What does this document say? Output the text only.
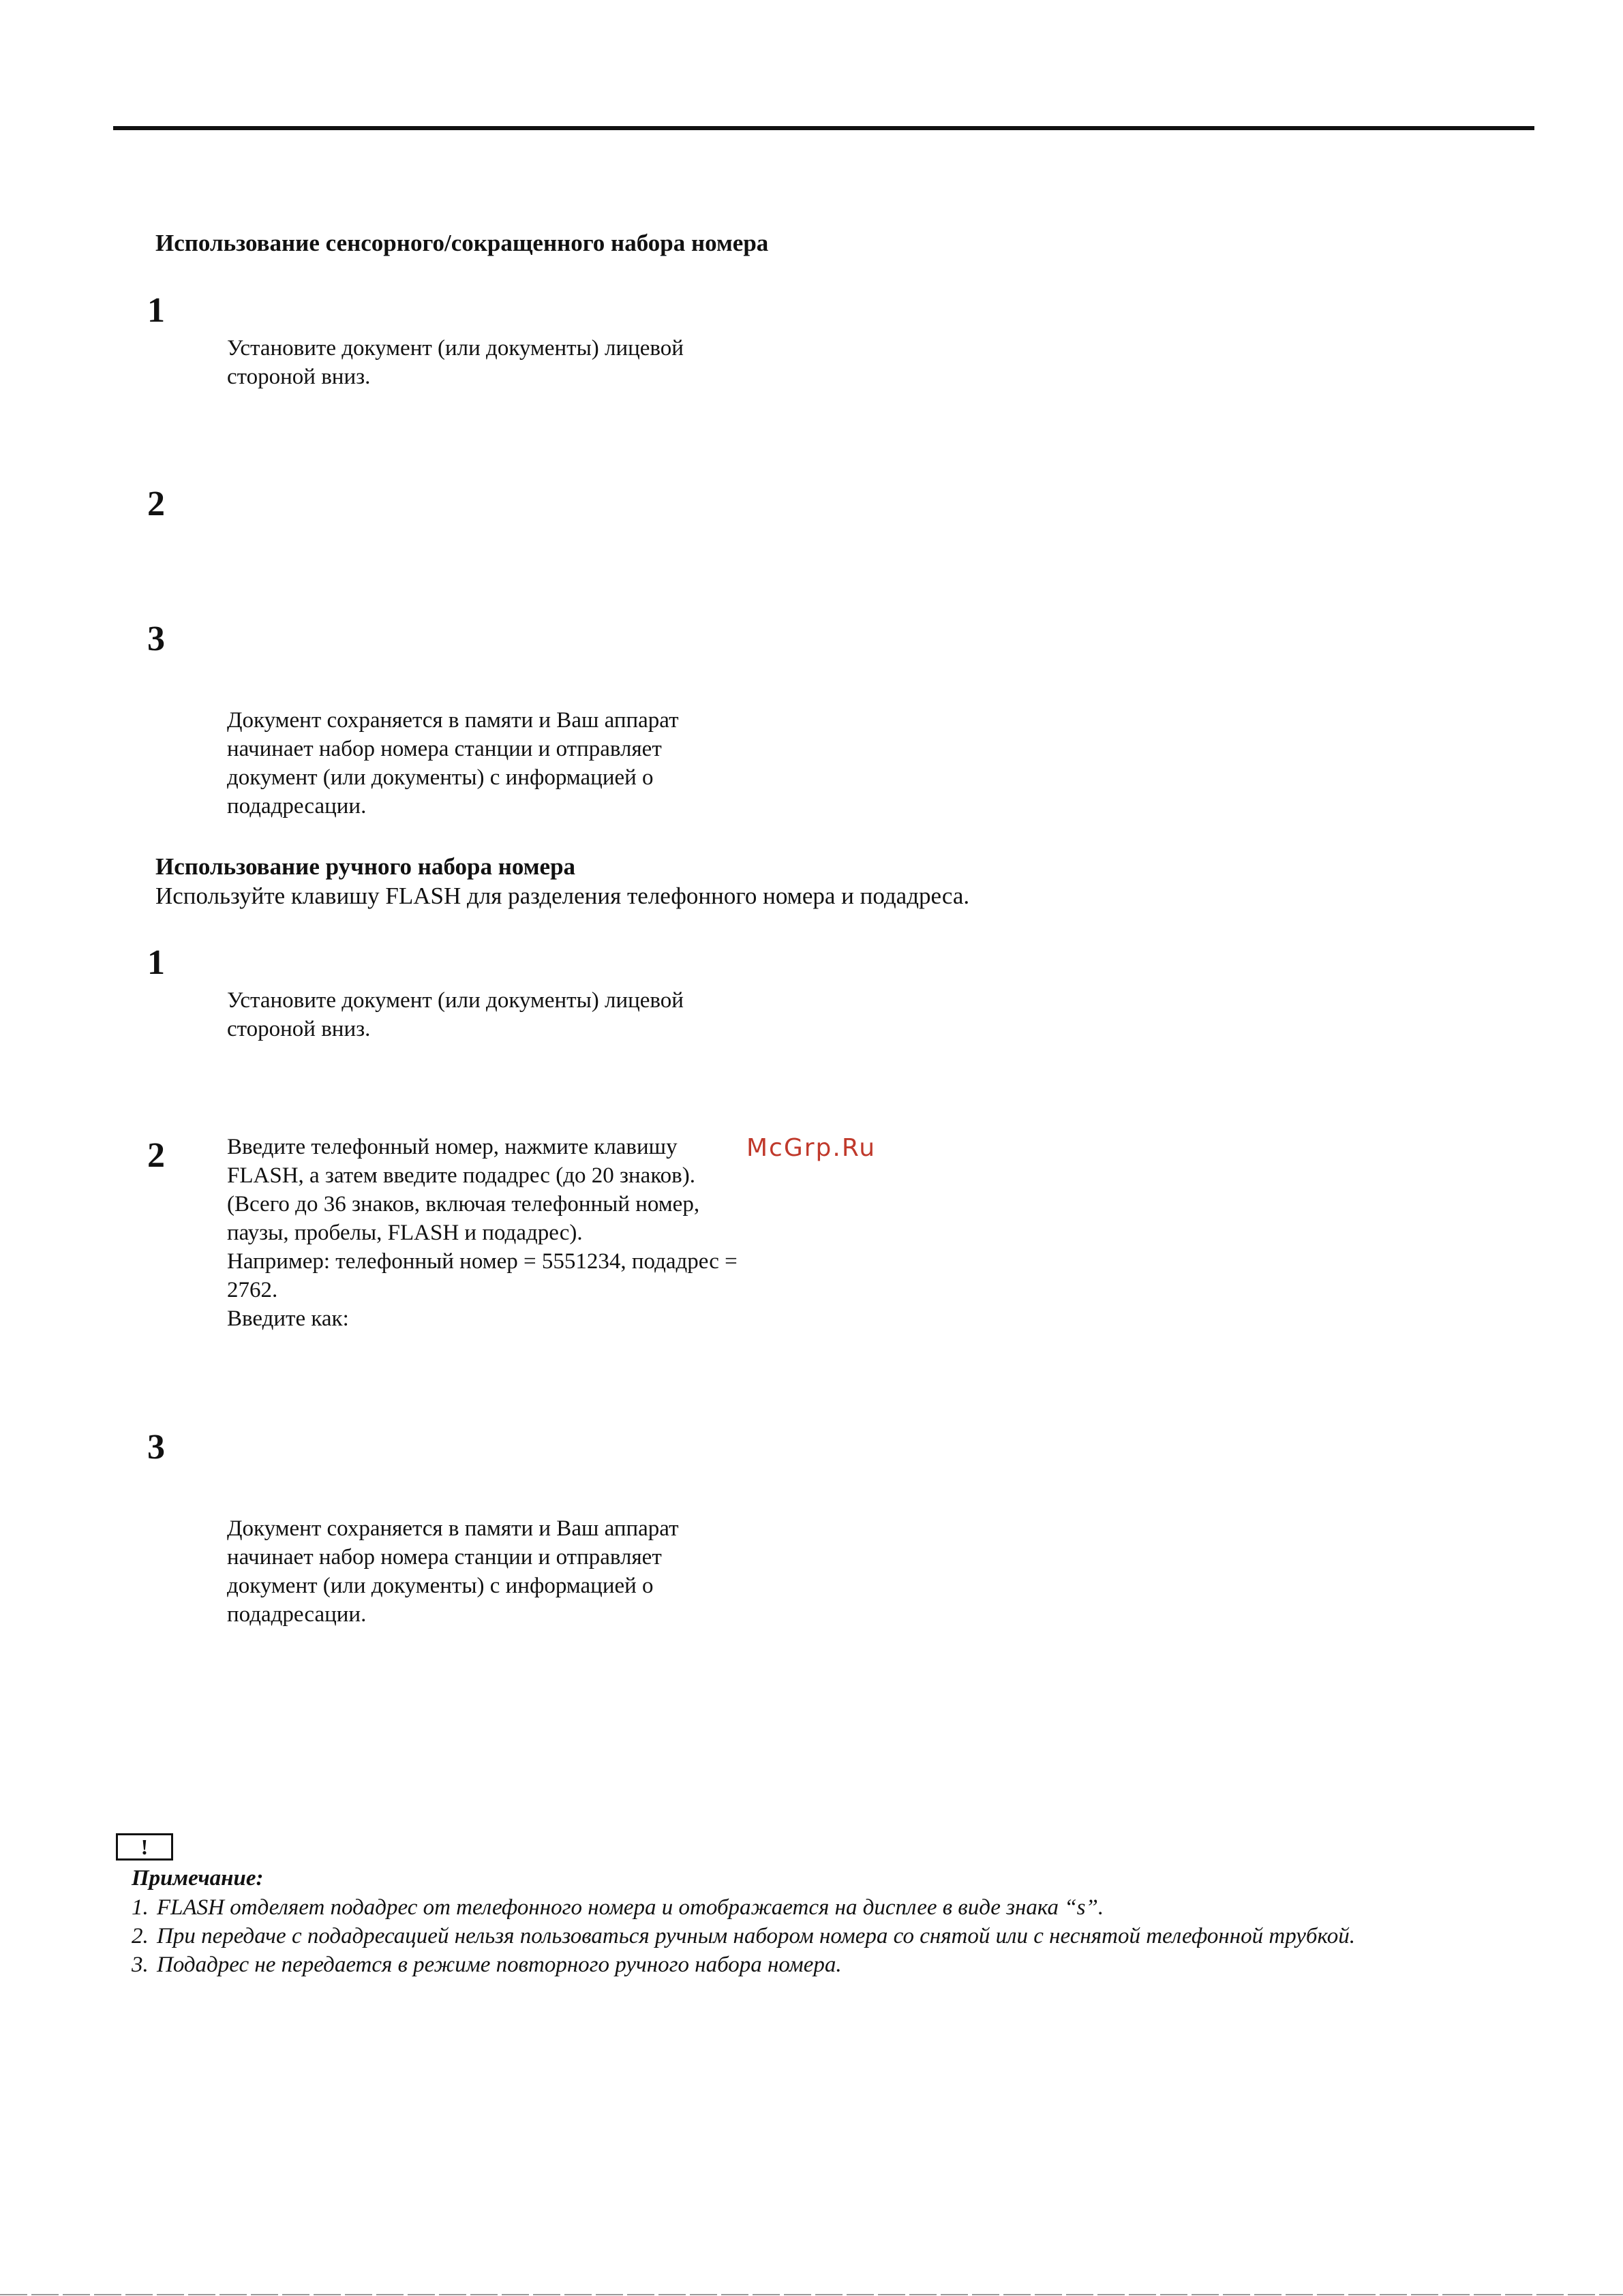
Использование сенсорного/сокращенного набора номера
1
Установите документ (или документы) лицевой
стороной вниз.
2
3
Документ сохраняется в памяти и Ваш аппарат
начинает набор номера станции и отправляет
документ (или документы) с информацией о
подадресации.
Использование ручного набора номера
Используйте клавишу FLASH для разделения телефонного номера и подадреса.
1
Установите документ (или документы) лицевой
стороной вниз.
2	Введите телефонный номер, нажмите клавишу
FLASH, а затем введите подадрес (до 20 знаков).
(Всего до 36 знаков, включая телефонный номер,
паузы, пробелы, FLASH и подадрес).
Например: телефонный номер = 5551234, подадрес =
2762.
Введите как:
McGrp.Ru
3
Документ сохраняется в памяти и Ваш аппарат
начинает набор номера станции и отправляет
документ (или документы) с информацией о
подадресации.
!
Примечание:
1. FLASH отделяет подадрес от телефонного номера и отображается на дисплее в виде знака “s”.
2. При передаче с подадресацией нельзя пользоваться ручным набором номера со снятой или с неснятой телефонной трубкой.
3. Подадрес не передается в режиме повторного ручного набора номера.
